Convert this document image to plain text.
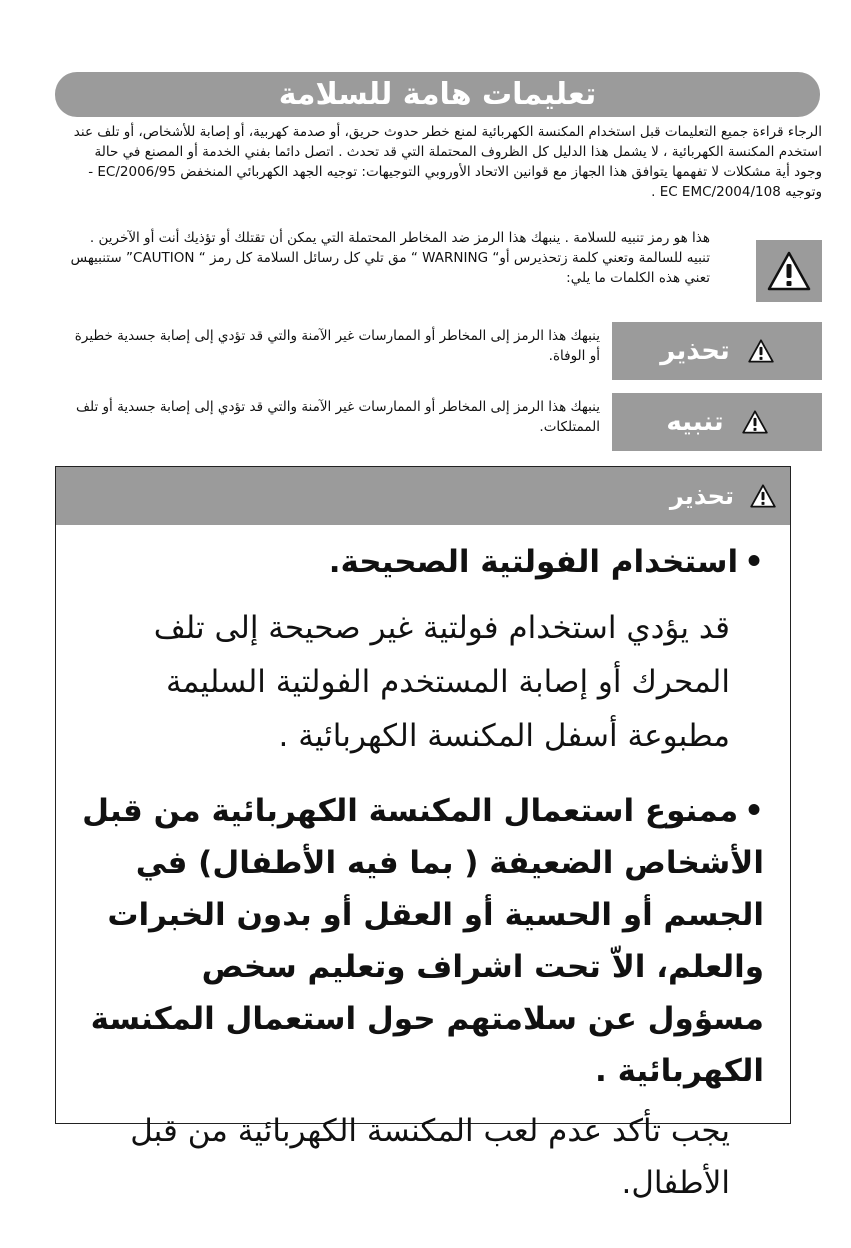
تعليمات هامة للسلامة
الرجاء قراءة جميع التعليمات قبل استخدام المكنسة الكهربائية لمنع خطر حدوث حريق، أو صدمة كهربية، أو إصابة للأشخاص، أو تلف عند استخدم المكنسة الكهربائية ، لا يشمل هذا الدليل كل الظروف المحتملة التي قد تحدث . اتصل دائما بفني الخدمة أو المصنع في حالة وجود أية مشكلات لا تفهمها يتوافق هذا الجهاز مع قوانين الاتحاد الأوروبي التوجيهات: توجيه الجهد الكهربائي المنخفض 2006/95/EC - وتوجيه 2004/108/EC EMC .
هذا هو رمز تنبيه للسلامة . ينبهك هذا الرمز ضد المخاطر المحتملة التي يمكن أن تقتلك أو تؤذيك أنت أو الآخرين . تنبيه للسالمة وتعني كلمة زتحذيرس أو“ WARNING “ مق تلي كل رسائل السلامة كل رمز “ CAUTION” ستنبيهس تعني هذه الكلمات ما يلي:
ينبهك هذا الرمز إلى المخاطر أو الممارسات غير الآمنة والتي قد تؤدي إلى إصابة جسدية خطيرة أو الوفاة. تحذير
ينبهك هذا الرمز إلى المخاطر أو الممارسات غير الآمنة والتي قد تؤدي إلى إصابة جسدية أو تلف الممتلكات.	تنبيه
تحذير
•استخدام الفولتية الصحيحة.
قد يؤدي استخدام فولتية غير صحيحة إلى تلف المحرك أو إصابة المستخدم الفولتية السليمة مطبوعة أسفل المكنسة الكهربائية .
•ممنوع استعمال المكنسة الكهربائية من قبل الأشخاص الضعيفة ( بما فيه الأطفال) في الجسم أو الحسية أو العقل أو بدون الخبرات والعلم، الاّ تحت اشراف وتعليم سخص مسؤول عن سلامتهم حول استعمال المكنسة الكهربائية .
يجب تأكد عدم لعب المكنسة الكهربائية من قبل الأطفال.
